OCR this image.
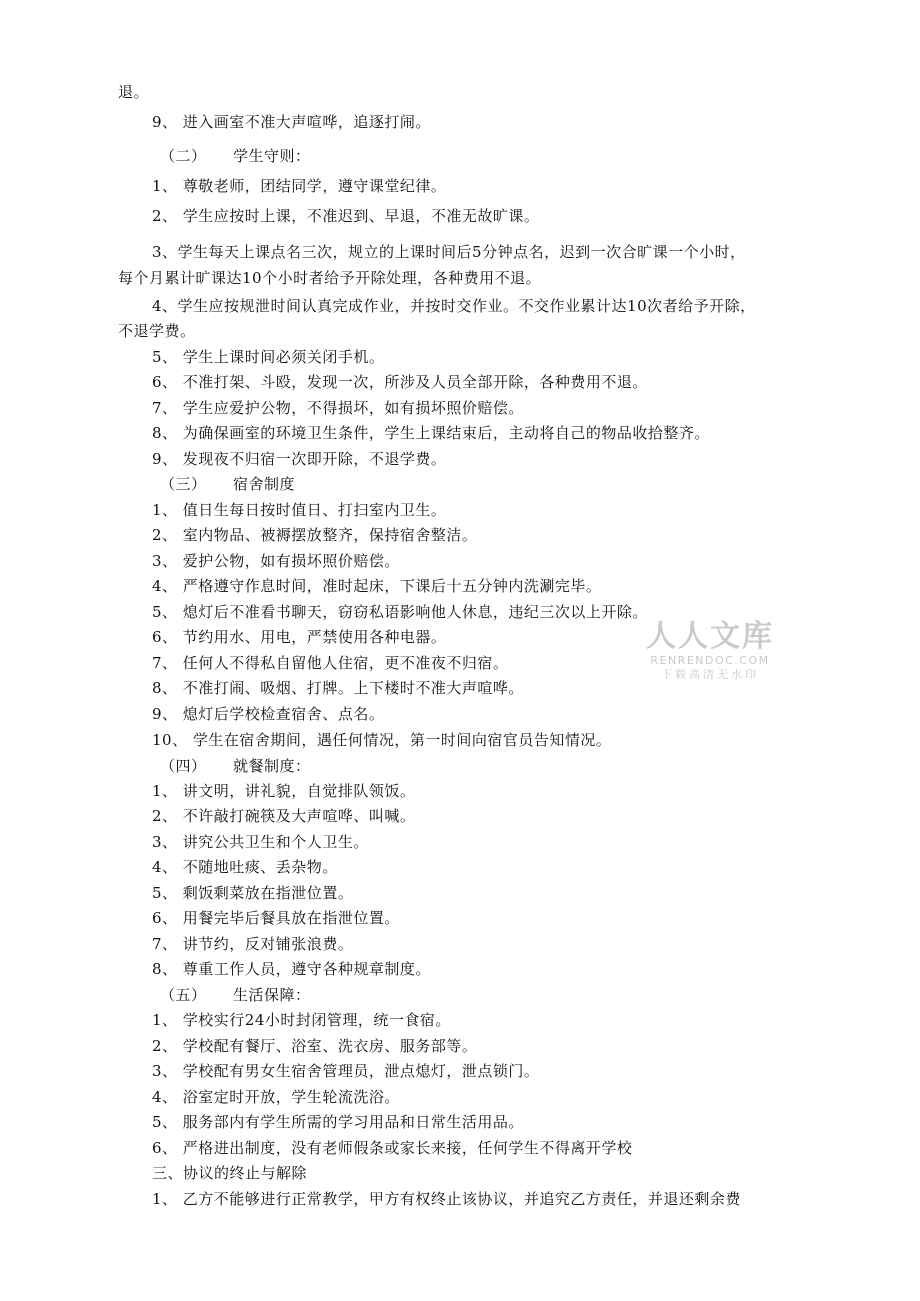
退。
9、 进入画室不准大声喧哗，追逐打闹。
（二） 学生守则：
1、 尊敬老师，团结同学，遵守课堂纪律。
2、 学生应按时上课，不准迟到、早退，不准无故旷课。
3、学生每天上课点名三次，规立的上课时间后5分钟点名，迟到一次合旷课一个小时，
每个月累计旷课达10个小时者给予开除处理，各种费用不退。
4、学生应按规泄时间认真完成作业，并按时交作业。不交作业累计达10次者给予开除，
不退学费。
5、 学生上课时间必须关闭手机。
6、 不准打架、斗殴，发现一次，所涉及人员全部开除，各种费用不退。
7、 学生应爱护公物，不得损坏，如有损坏照价赔偿。
8、 为确保画室的环境卫生条件，学生上课结束后，主动将自己的物品收拾整齐。
9、 发现夜不归宿一次即开除，不退学费。
（三） 宿舍制度
1、 值日生每日按时值日、打扫室内卫生。
2、 室内物品、被褥摆放整齐，保持宿舍整洁。
3、 爱护公物，如有损坏照价赔偿。
4、 严格遵守作息时间，准时起床，下课后十五分钟内洗涮完毕。
5、 熄灯后不准看书聊天，窃窃私语影响他人休息，违纪三次以上开除。
6、 节约用水、用电，严禁使用各种电器。
7、 任何人不得私自留他人住宿，更不准夜不归宿。
8、 不准打闹、吸烟、打牌。上下楼时不准大声喧哗。
9、 熄灯后学校检查宿舍、点名。
10、 学生在宿舍期间，遇任何情况，第一时间向宿官员告知情况。
（四） 就餐制度：
1、 讲文明，讲礼貌，自觉排队领饭。
2、 不许敲打碗筷及大声喧哗、叫喊。
3、 讲究公共卫生和个人卫生。
4、 不随地吐痰、丢杂物。
5、 剩饭剩菜放在指泄位置。
6、 用餐完毕后餐具放在指泄位置。
7、 讲节约，反对铺张浪费。
8、 尊重工作人员，遵守各种规章制度。
（五） 生活保障：
1、 学校实行24小时封闭管理，统一食宿。
2、 学校配有餐厅、浴室、洗衣房、服务部等。
3、 学校配有男女生宿舍管理员，泄点熄灯，泄点锁门。
4、 浴室定时开放，学生轮流洗浴。
5、 服务部内有学生所需的学习用品和日常生活用品。
6、 严格进出制度，没有老师假条或家长来接，任何学生不得离开学校
三、协议的终止与解除
1、 乙方不能够进行正常教学，甲方有权终止该协议，并追究乙方责任，并退还剩余费
人人文库
RENRENDOC.COM
下载高清无水印
